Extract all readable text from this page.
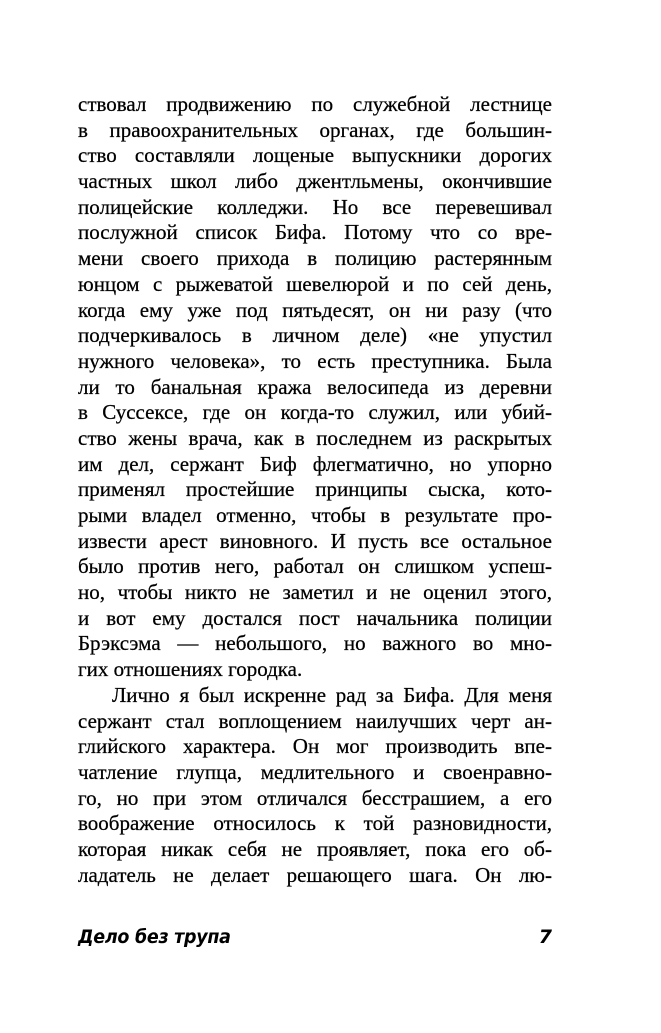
ствовал продвижению по служебной лестнице
в правоохранительных органах, где большин-
ство составляли лощеные выпускники дорогих
частных школ либо джентльмены, окончившие
полицейские колледжи. Но все перевешивал
послужной список Бифа. Потому что со вре-
мени своего прихода в полицию растерянным
юнцом с рыжеватой шевелюрой и по сей день,
когда ему уже под пятьдесят, он ни разу (что
подчеркивалось в личном деле) «не упустил
нужного человека», то есть преступника. Была
ли то банальная кража велосипеда из деревни
в Суссексе, где он когда-то служил, или убий-
ство жены врача, как в последнем из раскрытых
им дел, сержант Биф флегматично, но упорно
применял простейшие принципы сыска, кото-
рыми владел отменно, чтобы в результате про-
извести арест виновного. И пусть все остальное
было против него, работал он слишком успеш-
но, чтобы никто не заметил и не оценил этого,
и вот ему достался пост начальника полиции
Брэксэма — небольшого, но важного во мно-
гих отношениях городка.
Лично я был искренне рад за Бифа. Для меня
сержант стал воплощением наилучших черт ан-
глийского характера. Он мог производить впе-
чатление глупца, медлительного и своенравно-
го, но при этом отличался бесстрашием, а его
воображение относилось к той разновидности,
которая никак себя не проявляет, пока его об-
ладатель не делает решающего шага. Он лю-
Дело без трупа	7
